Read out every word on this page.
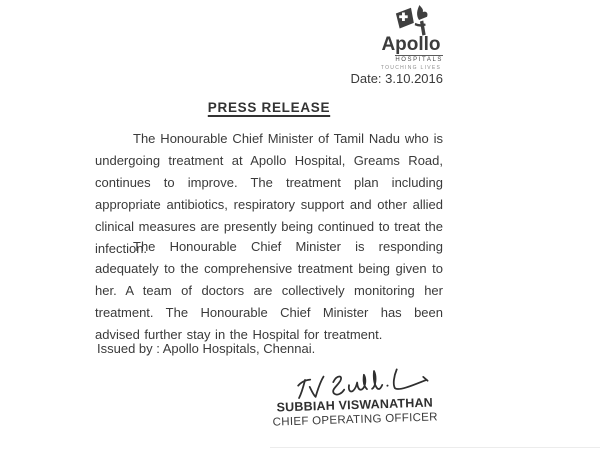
Apollo
HOSPITALS
TOUCHING LIVES
Date: 3.10.2016
PRESS RELEASE

The Honourable Chief Minister of Tamil Nadu who is undergoing treatment at Apollo Hospital, Greams Road, continues to improve. The treatment plan including appropriate antibiotics, respiratory support and other allied clinical measures are presently being continued to treat the infection.

The Honourable Chief Minister is responding adequately to the comprehensive treatment being given to her. A team of doctors are collectively monitoring her treatment. The Honourable Chief Minister has been advised further stay in the Hospital for treatment.

Issued by : Apollo Hospitals, Chennai.
SUBBIAH VISWANATHAN
CHIEF OPERATING OFFICER
